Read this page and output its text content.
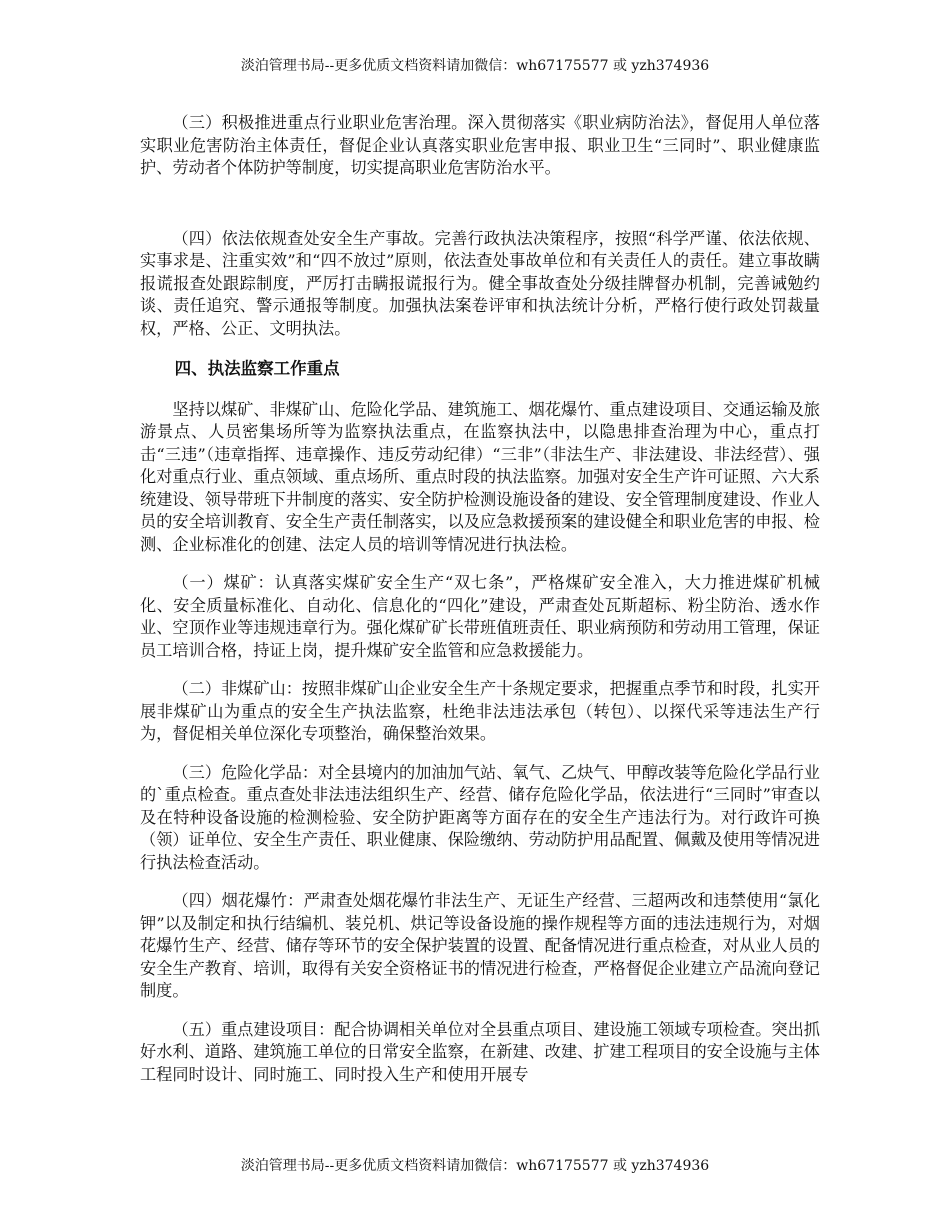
淡泊管理书局--更多优质文档资料请加微信：wh67175577 或 yzh374936

（三）积极推进重点行业职业危害治理。深入贯彻落实《职业病防治法》，督促用人单位落实职业危害防治主体责任，督促企业认真落实职业危害申报、职业卫生“三同时”、职业健康监护、劳动者个体防护等制度，切实提高职业危害防治水平。

（四）依法依规查处安全生产事故。完善行政执法决策程序，按照“科学严谨、依法依规、实事求是、注重实效”和“四不放过”原则，依法查处事故单位和有关责任人的责任。建立事故瞒报谎报查处跟踪制度，严厉打击瞒报谎报行为。健全事故查处分级挂牌督办机制，完善诫勉约谈、责任追究、警示通报等制度。加强执法案卷评审和执法统计分析，严格行使行政处罚裁量权，严格、公正、文明执法。

四、执法监察工作重点

坚持以煤矿、非煤矿山、危险化学品、建筑施工、烟花爆竹、重点建设项目、交通运输及旅游景点、人员密集场所等为监察执法重点，在监察执法中，以隐患排查治理为中心，重点打击“三违”（违章指挥、违章操作、违反劳动纪律）“三非”（非法生产、非法建设、非法经营）、强化对重点行业、重点领域、重点场所、重点时段的执法监察。加强对安全生产许可证照、六大系统建设、领导带班下井制度的落实、安全防护检测设施设备的建设、安全管理制度建设、作业人员的安全培训教育、安全生产责任制落实，以及应急救援预案的建设健全和职业危害的申报、检测、企业标准化的创建、法定人员的培训等情况进行执法检。

（一）煤矿：认真落实煤矿安全生产“双七条”，严格煤矿安全准入，大力推进煤矿机械化、安全质量标准化、自动化、信息化的“四化”建设，严肃查处瓦斯超标、粉尘防治、透水作业、空顶作业等违规违章行为。强化煤矿矿长带班值班责任、职业病预防和劳动用工管理，保证员工培训合格，持证上岗，提升煤矿安全监管和应急救援能力。

（二）非煤矿山：按照非煤矿山企业安全生产十条规定要求，把握重点季节和时段，扎实开展非煤矿山为重点的安全生产执法监察，杜绝非法违法承包（转包）、以探代采等违法生产行为，督促相关单位深化专项整治，确保整治效果。

（三）危险化学品：对全县境内的加油加气站、氧气、乙炔气、甲醇改装等危险化学品行业的`重点检查。重点查处非法违法组织生产、经营、储存危险化学品，依法进行“三同时”审查以及在特种设备设施的检测检验、安全防护距离等方面存在的安全生产违法行为。对行政许可换（领）证单位、安全生产责任、职业健康、保险缴纳、劳动防护用品配置、佩戴及使用等情况进行执法检查活动。

（四）烟花爆竹：严肃查处烟花爆竹非法生产、无证生产经营、三超两改和违禁使用“氯化钾”以及制定和执行结编机、装兑机、烘记等设备设施的操作规程等方面的违法违规行为，对烟花爆竹生产、经营、储存等环节的安全保护装置的设置、配备情况进行重点检查，对从业人员的安全生产教育、培训，取得有关安全资格证书的情况进行检查，严格督促企业建立产品流向登记制度。

（五）重点建设项目：配合协调相关单位对全县重点项目、建设施工领域专项检查。突出抓好水利、道路、建筑施工单位的日常安全监察，在新建、改建、扩建工程项目的安全设施与主体工程同时设计、同时施工、同时投入生产和使用开展专

淡泊管理书局--更多优质文档资料请加微信：wh67175577 或 yzh374936
